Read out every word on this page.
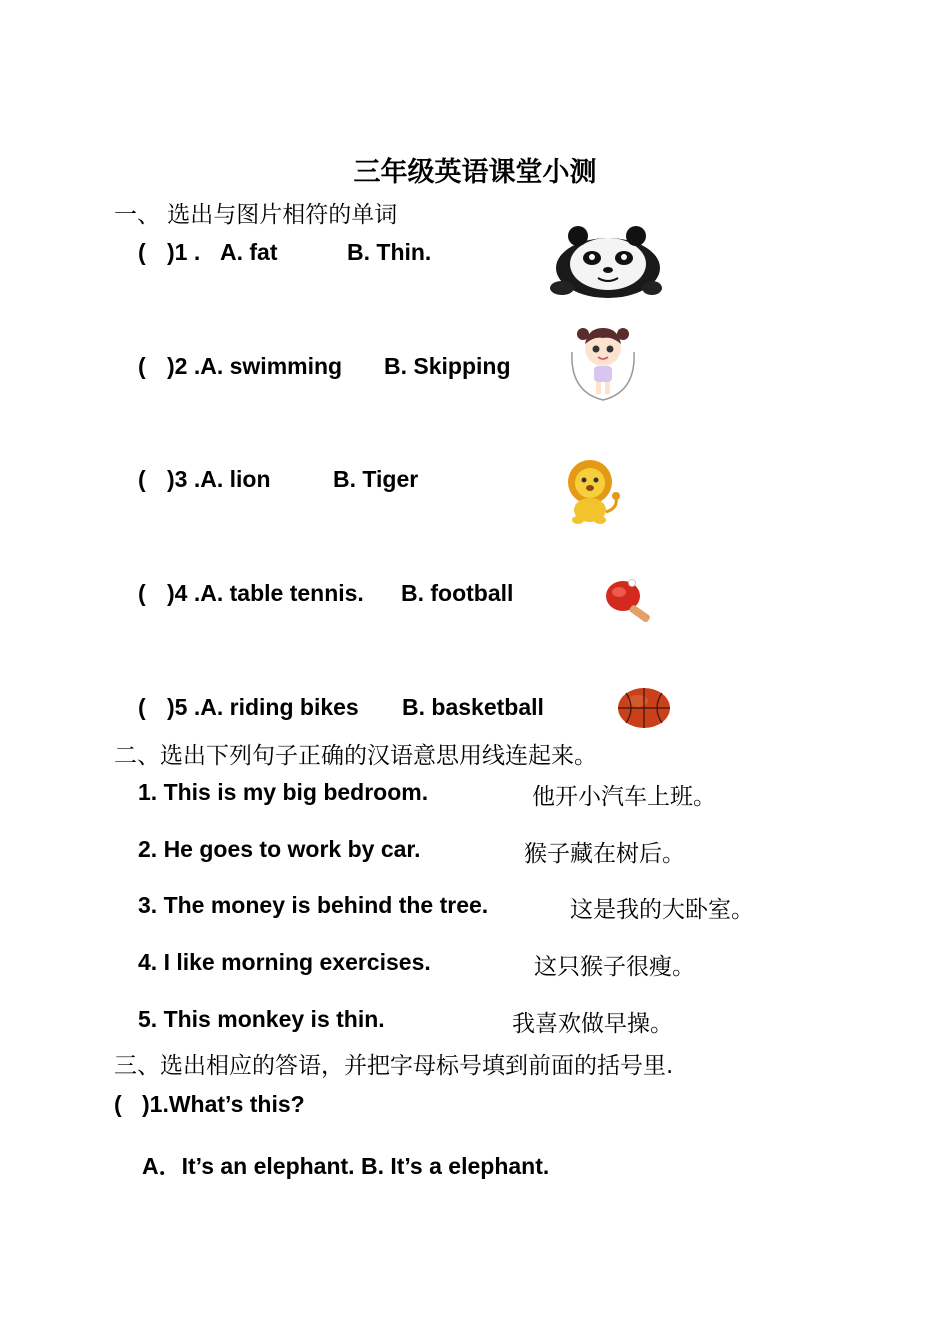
三年级英语课堂小测
一、 选出与图片相符的单词
( )1 . A. fat	B. Thin.
( )2 .A. swimming B. Skipping
( )3 .A. lion	B. Tiger
( )4 .A. table tennis. B. football
( )5 .A. riding bikes B. basketball
二、选出下列句子正确的汉语意思用线连起来。
1. This is my big bedroom.	他开小汽车上班。
2. He goes to work by car.	猴子藏在树后。
3. The money is behind the tree.	这是我的大卧室。
4. I like morning exercises.	这只猴子很瘦。
5. This monkey is thin.	我喜欢做早操。
三、选出相应的答语，并把字母标号填到前面的括号里.
( )1.What’s this?
A．It’s an elephant. B. It’s a elephant.
